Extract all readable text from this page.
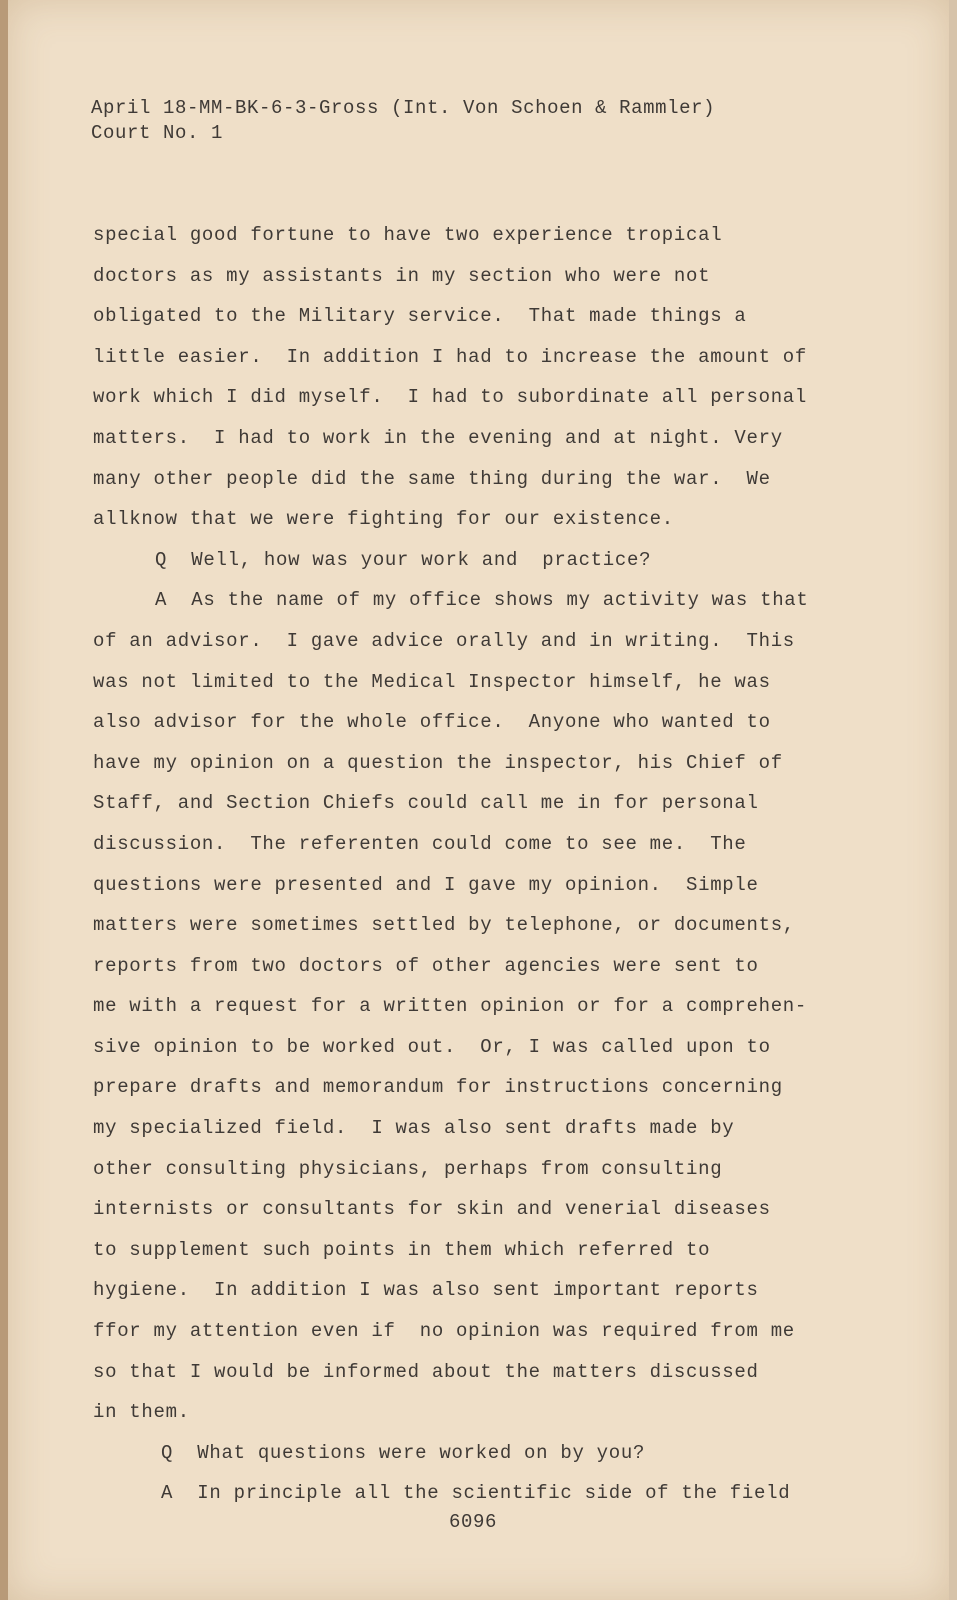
April 18-MM-BK-6-3-Gross (Int. Von Schoen & Rammler)
Court No. 1
special good fortune to have two experience tropical
doctors as my assistants in my section who were not
obligated to the Military service.  That made things a
little easier.  In addition I had to increase the amount of
work which I did myself.  I had to subordinate all personal
matters.  I had to work in the evening and at night. Very
many other people did the same thing during the war.  We
allknow that we were fighting for our existence.
Q  Well, how was your work and  practice?
A  As the name of my office shows my activity was that
of an advisor.  I gave advice orally and in writing.  This
was not limited to the Medical Inspector himself, he was
also advisor for the whole office.  Anyone who wanted to
have my opinion on a question the inspector, his Chief of
Staff, and Section Chiefs could call me in for personal
discussion.  The referenten could come to see me.  The
questions were presented and I gave my opinion.  Simple
matters were sometimes settled by telephone, or documents,
reports from two doctors of other agencies were sent to
me with a request for a written opinion or for a comprehen-
sive opinion to be worked out.  Or, I was called upon to
prepare drafts and memorandum for instructions concerning
my specialized field.  I was also sent drafts made by
other consulting physicians, perhaps from consulting
internists or consultants for skin and venerial diseases
to supplement such points in them which referred to
hygiene.  In addition I was also sent important reports
ffor my attention even if  no opinion was required from me
so that I would be informed about the matters discussed
in them.
Q  What questions were worked on by you?
A  In principle all the scientific side of the field
6096
